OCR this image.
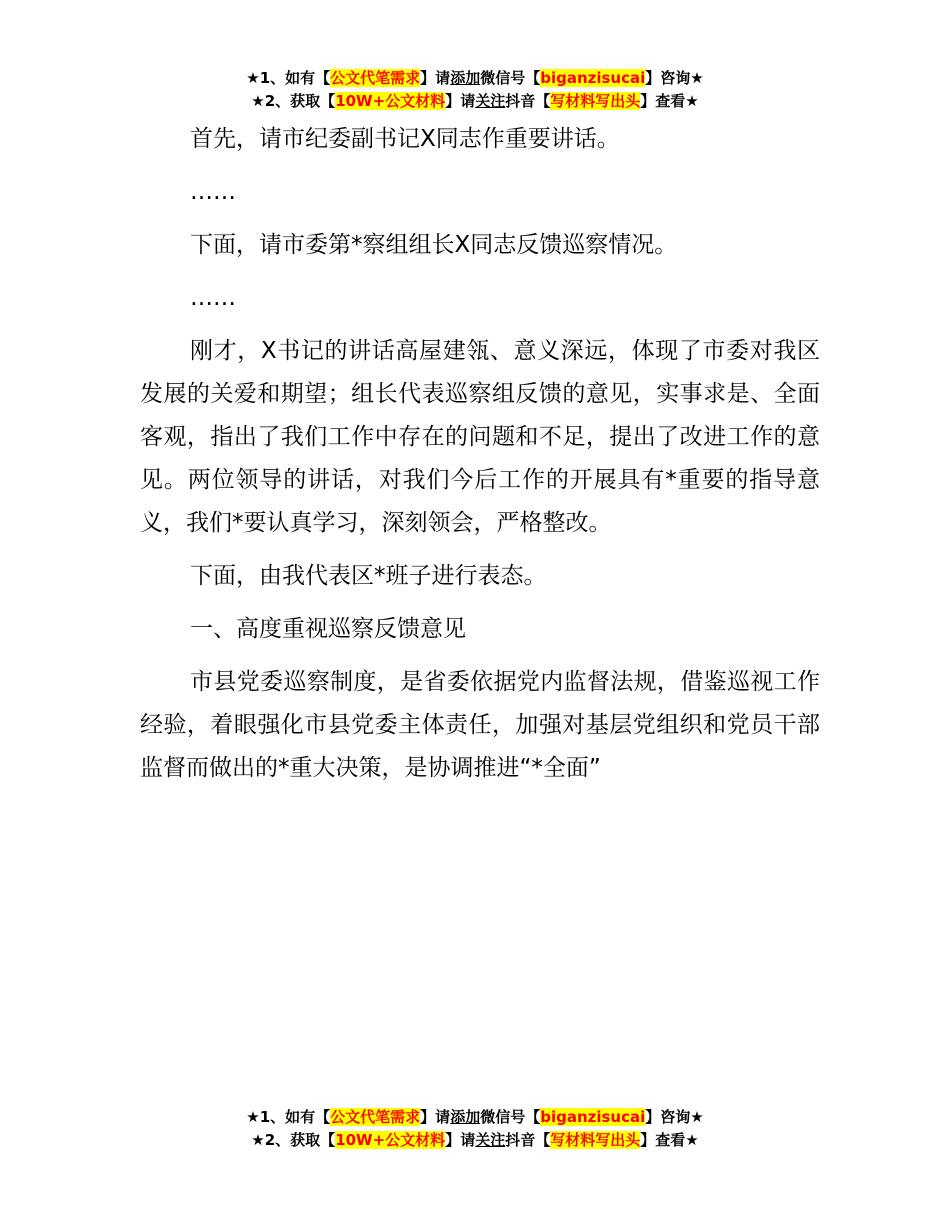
★1、如有【公文代笔需求】请添加微信号【biganzisucai】咨询★
★2、获取【10W+公文材料】请关注抖音【写材料写出头】查看★

首先，请市纪委副书记X同志作重要讲话。

……

下面，请市委第*察组组长X同志反馈巡察情况。

……

刚才，X书记的讲话高屋建瓴、意义深远，体现了市委对我区发展的关爱和期望；组长代表巡察组反馈的意见，实事求是、全面客观，指出了我们工作中存在的问题和不足，提出了改进工作的意见。两位领导的讲话，对我们今后工作的开展具有*重要的指导意义，我们*要认真学习，深刻领会，严格整改。

下面，由我代表区*班子进行表态。

一、高度重视巡察反馈意见

市县党委巡察制度，是省委依据党内监督法规，借鉴巡视工作经验，着眼强化市县党委主体责任，加强对基层党组织和党员干部监督而做出的*重大决策，是协调推进“*全面”

★1、如有【公文代笔需求】请添加微信号【biganzisucai】咨询★
★2、获取【10W+公文材料】请关注抖音【写材料写出头】查看★
